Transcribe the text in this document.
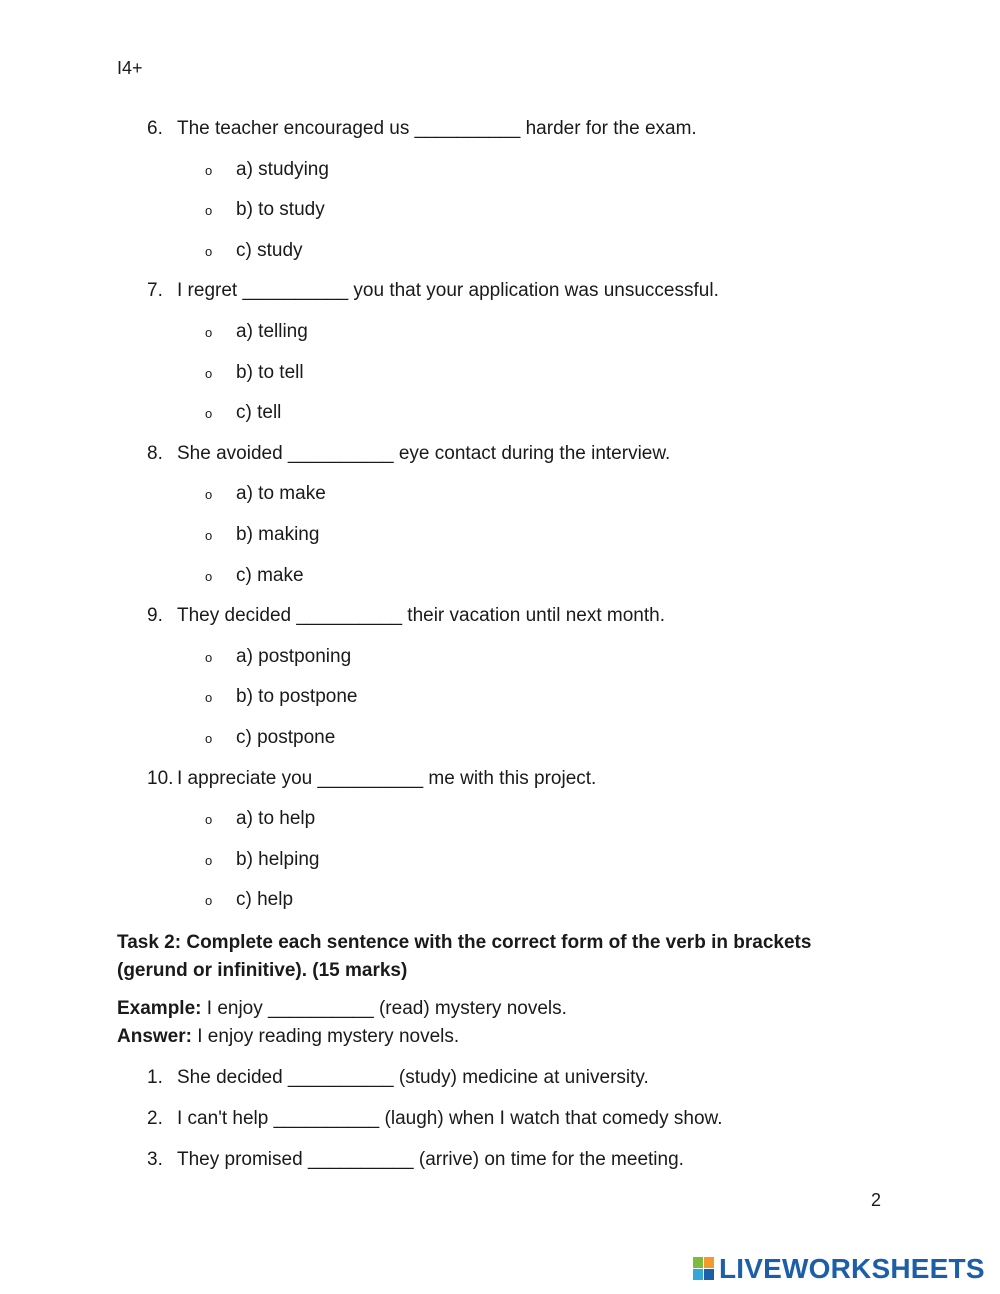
I4+
6. The teacher encouraged us __________ harder for the exam.
o a) studying
o b) to study
o c) study
7. I regret __________ you that your application was unsuccessful.
o a) telling
o b) to tell
o c) tell
8. She avoided __________ eye contact during the interview.
o a) to make
o b) making
o c) make
9. They decided __________ their vacation until next month.
o a) postponing
o b) to postpone
o c) postpone
10. I appreciate you __________ me with this project.
o a) to help
o b) helping
o c) help
Task 2: Complete each sentence with the correct form of the verb in brackets (gerund or infinitive). (15 marks)
Example: I enjoy __________ (read) mystery novels.
Answer: I enjoy reading mystery novels.
1. She decided __________ (study) medicine at university.
2. I can't help __________ (laugh) when I watch that comedy show.
3. They promised __________ (arrive) on time for the meeting.
2
LIVEWORKSHEETS
